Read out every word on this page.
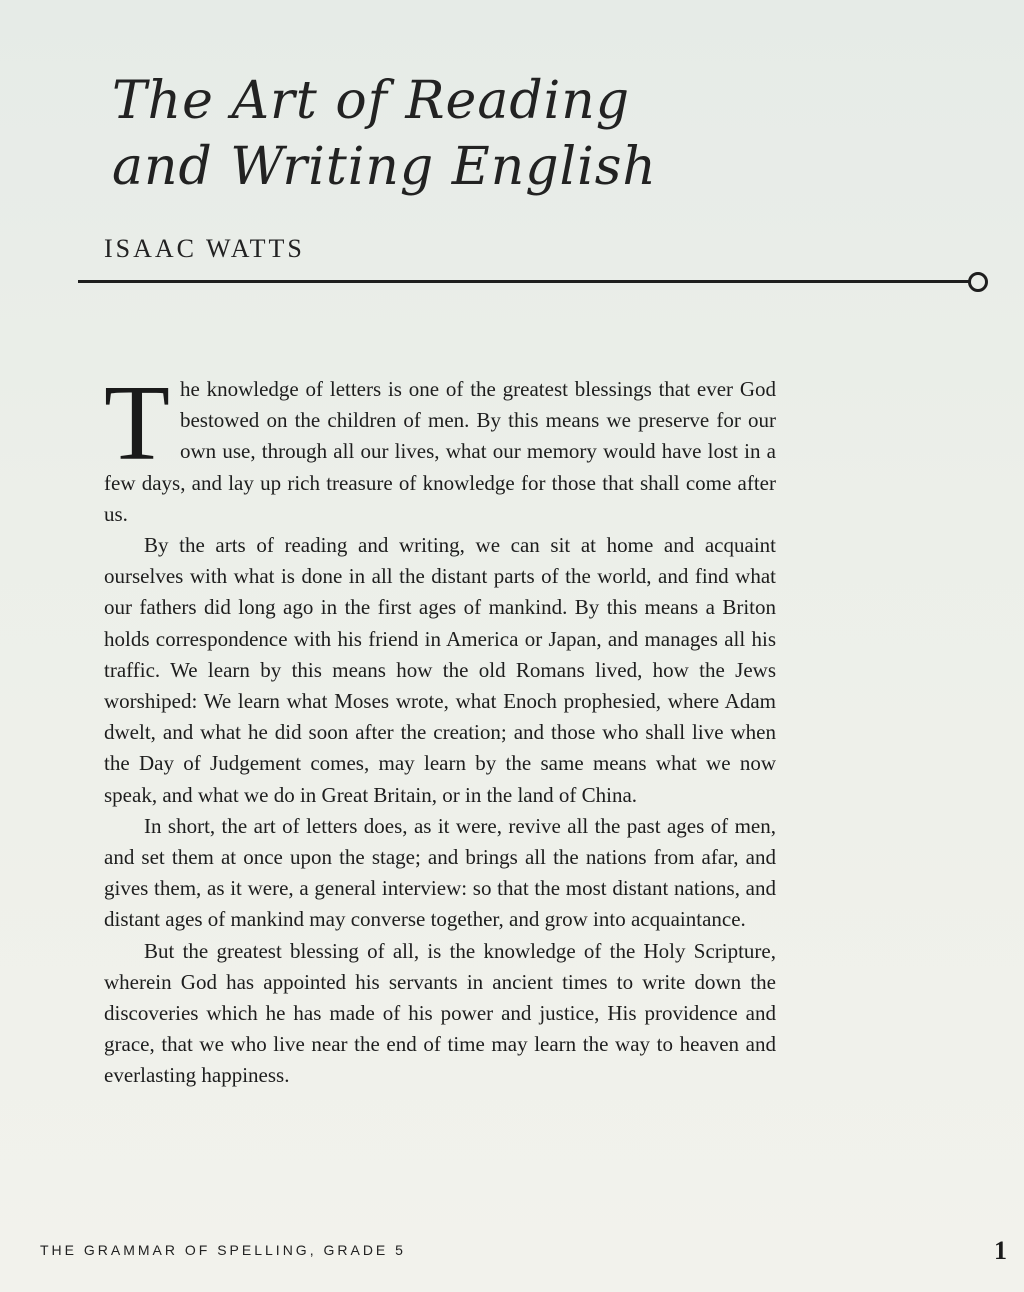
The Art of Reading
and Writing English
ISAAC WATTS

The knowledge of letters is one of the greatest blessings that ever God bestowed on the children of men. By this means we preserve for our own use, through all our lives, what our memory would have lost in a few days, and lay up rich treasure of knowledge for those that shall come after us.

By the arts of reading and writing, we can sit at home and acquaint ourselves with what is done in all the distant parts of the world, and find what our fathers did long ago in the first ages of mankind. By this means a Briton holds correspondence with his friend in America or Japan, and manages all his traffic. We learn by this means how the old Romans lived, how the Jews worshiped: We learn what Moses wrote, what Enoch prophesied, where Adam dwelt, and what he did soon after the creation; and those who shall live when the Day of Judgement comes, may learn by the same means what we now speak, and what we do in Great Britain, or in the land of China.

In short, the art of letters does, as it were, revive all the past ages of men, and set them at once upon the stage; and brings all the nations from afar, and gives them, as it were, a general interview: so that the most distant nations, and distant ages of mankind may converse together, and grow into acquaintance.

But the greatest blessing of all, is the knowledge of the Holy Scripture, wherein God has appointed his servants in ancient times to write down the discoveries which he has made of his power and justice, His providence and grace, that we who live near the end of time may learn the way to heaven and everlasting happiness.

THE GRAMMAR OF SPELLING, GRADE 5	1
